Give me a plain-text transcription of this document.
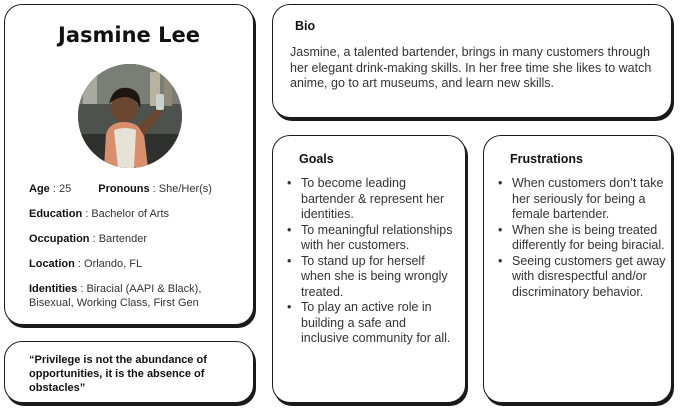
Jasmine Lee
Age : 25 Pronouns : She/Her(s)
Education : Bachelor of Arts
Occupation : Bartender
Location : Orlando, FL
Identities : Biracial (AAPI & Black), Bisexual, Working Class, First Gen
“Privilege is not the abundance of opportunities, it is the absence of obstacles”
Bio
Jasmine, a talented bartender, brings in many customers through her elegant drink-making skills. In her free time she likes to watch anime, go to art museums, and learn new skills.
Goals
• To become leading bartender & represent her identities.
• To meaningful relationships with her customers.
• To stand up for herself when she is being wrongly treated.
• To play an active role in building a safe and inclusive community for all.
Frustrations
• When customers don’t take her seriously for being a female bartender.
• When she is being treated differently for being biracial.
• Seeing customers get away with disrespectful and/or discriminatory behavior.
